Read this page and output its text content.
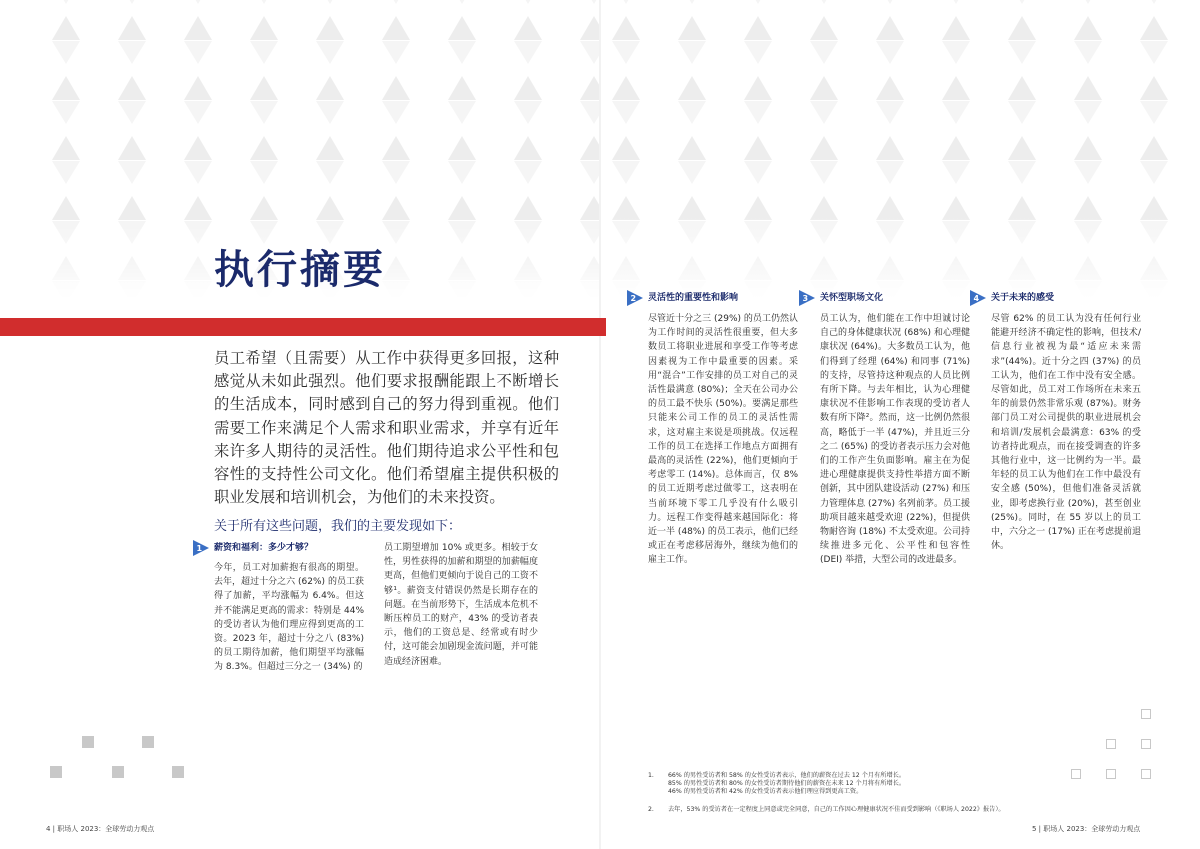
执行摘要
员工希望（且需要）从工作中获得更多回报，这种感觉从未如此强烈。他们要求报酬能跟上不断增长的生活成本，同时感到自己的努力得到重视。他们需要工作来满足个人需求和职业需求，并享有近年来许多人期待的灵活性。他们期待追求公平性和包容性的支持性公司文化。他们希望雇主提供积极的职业发展和培训机会，为他们的未来投资。
关于所有这些问题，我们的主要发现如下：
1 薪资和福利：多少才够？
今年，员工对加薪抱有很高的期望。去年，超过十分之六 (62%) 的员工获得了加薪，平均涨幅为 6.4%。但这并不能满足更高的需求：特别是 44% 的受访者认为他们理应得到更高的工资。2023 年，超过十分之八 (83%) 的员工期待加薪，他们期望平均涨幅为 8.3%。但超过三分之一 (34%) 的
员工期望增加 10% 或更多。相较于女性，男性获得的加薪和期望的加薪幅度更高，但他们更倾向于说自己的工资不够¹。薪资支付错误仍然是长期存在的问题。在当前形势下，生活成本危机不断压榨员工的财产，43% 的受访者表示，他们的工资总是、经常或有时少付，这可能会加剧现金流问题，并可能造成经济困难。
2 灵活性的重要性和影响
尽管近十分之三 (29%) 的员工仍然认为工作时间的灵活性很重要，但大多数员工将职业进展和享受工作等考虑因素视为工作中最重要的因素。采用“混合”工作安排的员工对自己的灵活性最满意 (80%)；全天在公司办公的员工最不快乐 (50%)。要满足那些只能来公司工作的员工的灵活性需求，这对雇主来说是项挑战。仅远程工作的员工在选择工作地点方面拥有最高的灵活性 (22%)，他们更倾向于考虑零工 (14%)。总体而言，仅 8% 的员工近期考虑过做零工，这表明在当前环境下零工几乎没有什么吸引力。远程工作变得越来越国际化：将近一半 (48%) 的员工表示，他们已经或正在考虑移居海外，继续为他们的雇主工作。
3 关怀型职场文化
员工认为，他们能在工作中坦诚讨论自己的身体健康状况 (68%) 和心理健康状况 (64%)。大多数员工认为，他们得到了经理 (64%) 和同事 (71%) 的支持，尽管持这种观点的人员比例有所下降。与去年相比，认为心理健康状况不佳影响工作表现的受访者人数有所下降²。然而，这一比例仍然很高，略低于一半 (47%)，并且近三分之二 (65%) 的受访者表示压力会对他们的工作产生负面影响。雇主在为促进心理健康提供支持性举措方面不断创新，其中团队建设活动 (27%) 和压力管理体息 (27%) 名列前茅。员工援助项目越来越受欢迎 (22%)，但提供物耐咨询 (18%) 不太受欢迎。公司持续推进多元化、公平性和包容性 (DEI) 举措，大型公司的改进最多。
4 关于未来的感受
尽管 62% 的员工认为没有任何行业能避开经济不确定性的影响，但技术/信息行业被视为最“适应未来需求”(44%)。近十分之四 (37%) 的员工认为，他们在工作中没有安全感。尽管如此，员工对工作场所在未来五年的前景仍然非常乐观 (87%)。财务部门员工对公司提供的职业进展机会和培训/发展机会最满意：63% 的受访者持此观点，而在接受调查的许多其他行业中，这一比例约为一半。最年轻的员工认为他们在工作中最没有安全感 (50%)，但他们准备灵活就业，即考虑换行业 (20%)，甚至创业 (25%)。同时，在 55 岁以上的员工中，六分之一 (17%) 正在考虑提前退休。
1. 66% 的男性受访者和 58% 的女性受访者表示，他们的薪资在过去 12 个月有所增长。
85% 的男性受访者和 80% 的女性受访者期待他们的薪资在未来 12 个月将有所增长。
46% 的男性受访者和 42% 的女性受访者表示他们理应得到更高工资。
2. 去年，53% 的受访者在一定程度上同意或完全同意，自己的工作因心理健康状况不佳而受到影响（《职场人 2022》报告）。
4 | 职场人 2023：全球劳动力观点	5 | 职场人 2023：全球劳动力观点
